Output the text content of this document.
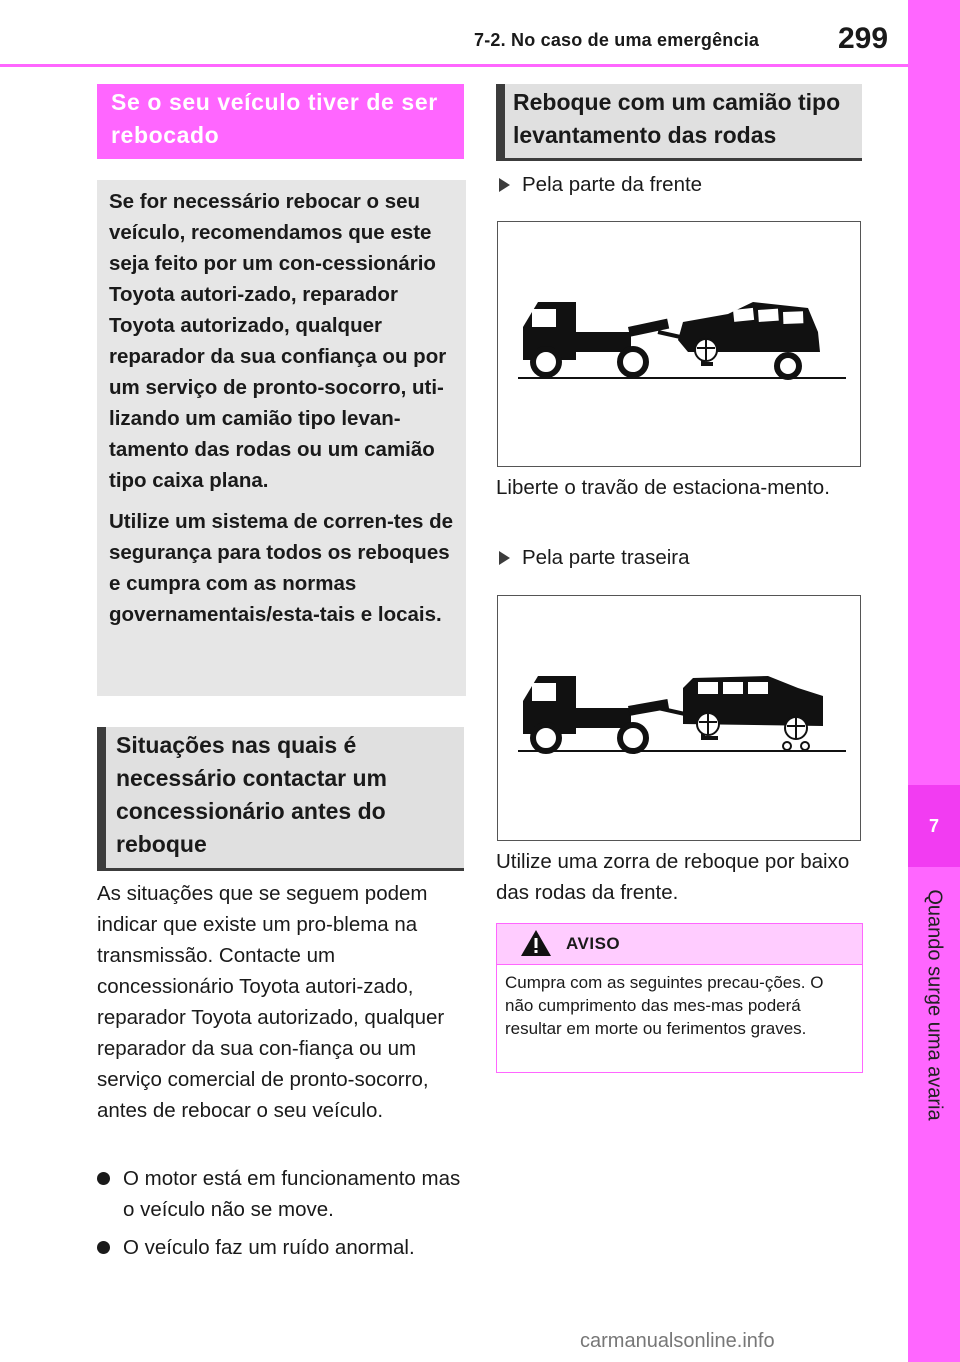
7-2. No caso de uma emergência	299
7
Quando surge uma avaria
Se o seu veículo tiver de ser rebocado

Se for necessário rebocar o seu veículo, recomendamos que este seja feito por um con-cessionário Toyota autori-zado, reparador Toyota autorizado, qualquer reparador da sua confiança ou por um serviço de pronto-socorro, uti-lizando um camião tipo levan-tamento das rodas ou um camião tipo caixa plana.

Utilize um sistema de corren-tes de segurança para todos os reboques e cumpra com as normas governamentais/esta-tais e locais.

Situações nas quais é necessário contactar um concessionário antes do reboque
As situações que se seguem podem indicar que existe um pro-blema na transmissão. Contacte um concessionário Toyota autori-zado, reparador Toyota autorizado, qualquer reparador da sua con-fiança ou um serviço comercial de pronto-socorro, antes de rebocar o seu veículo.
O motor está em funcionamento mas o veículo não se move.
O veículo faz um ruído anormal.
Reboque com um camião tipo levantamento das rodas
Pela parte da frente
Liberte o travão de estaciona-mento.
Pela parte traseira
Utilize uma zorra de reboque por baixo das rodas da frente.
AVISO
Cumpra com as seguintes precau-ções. O não cumprimento das mes-mas poderá resultar em morte ou ferimentos graves.
carmanualsonline.info
